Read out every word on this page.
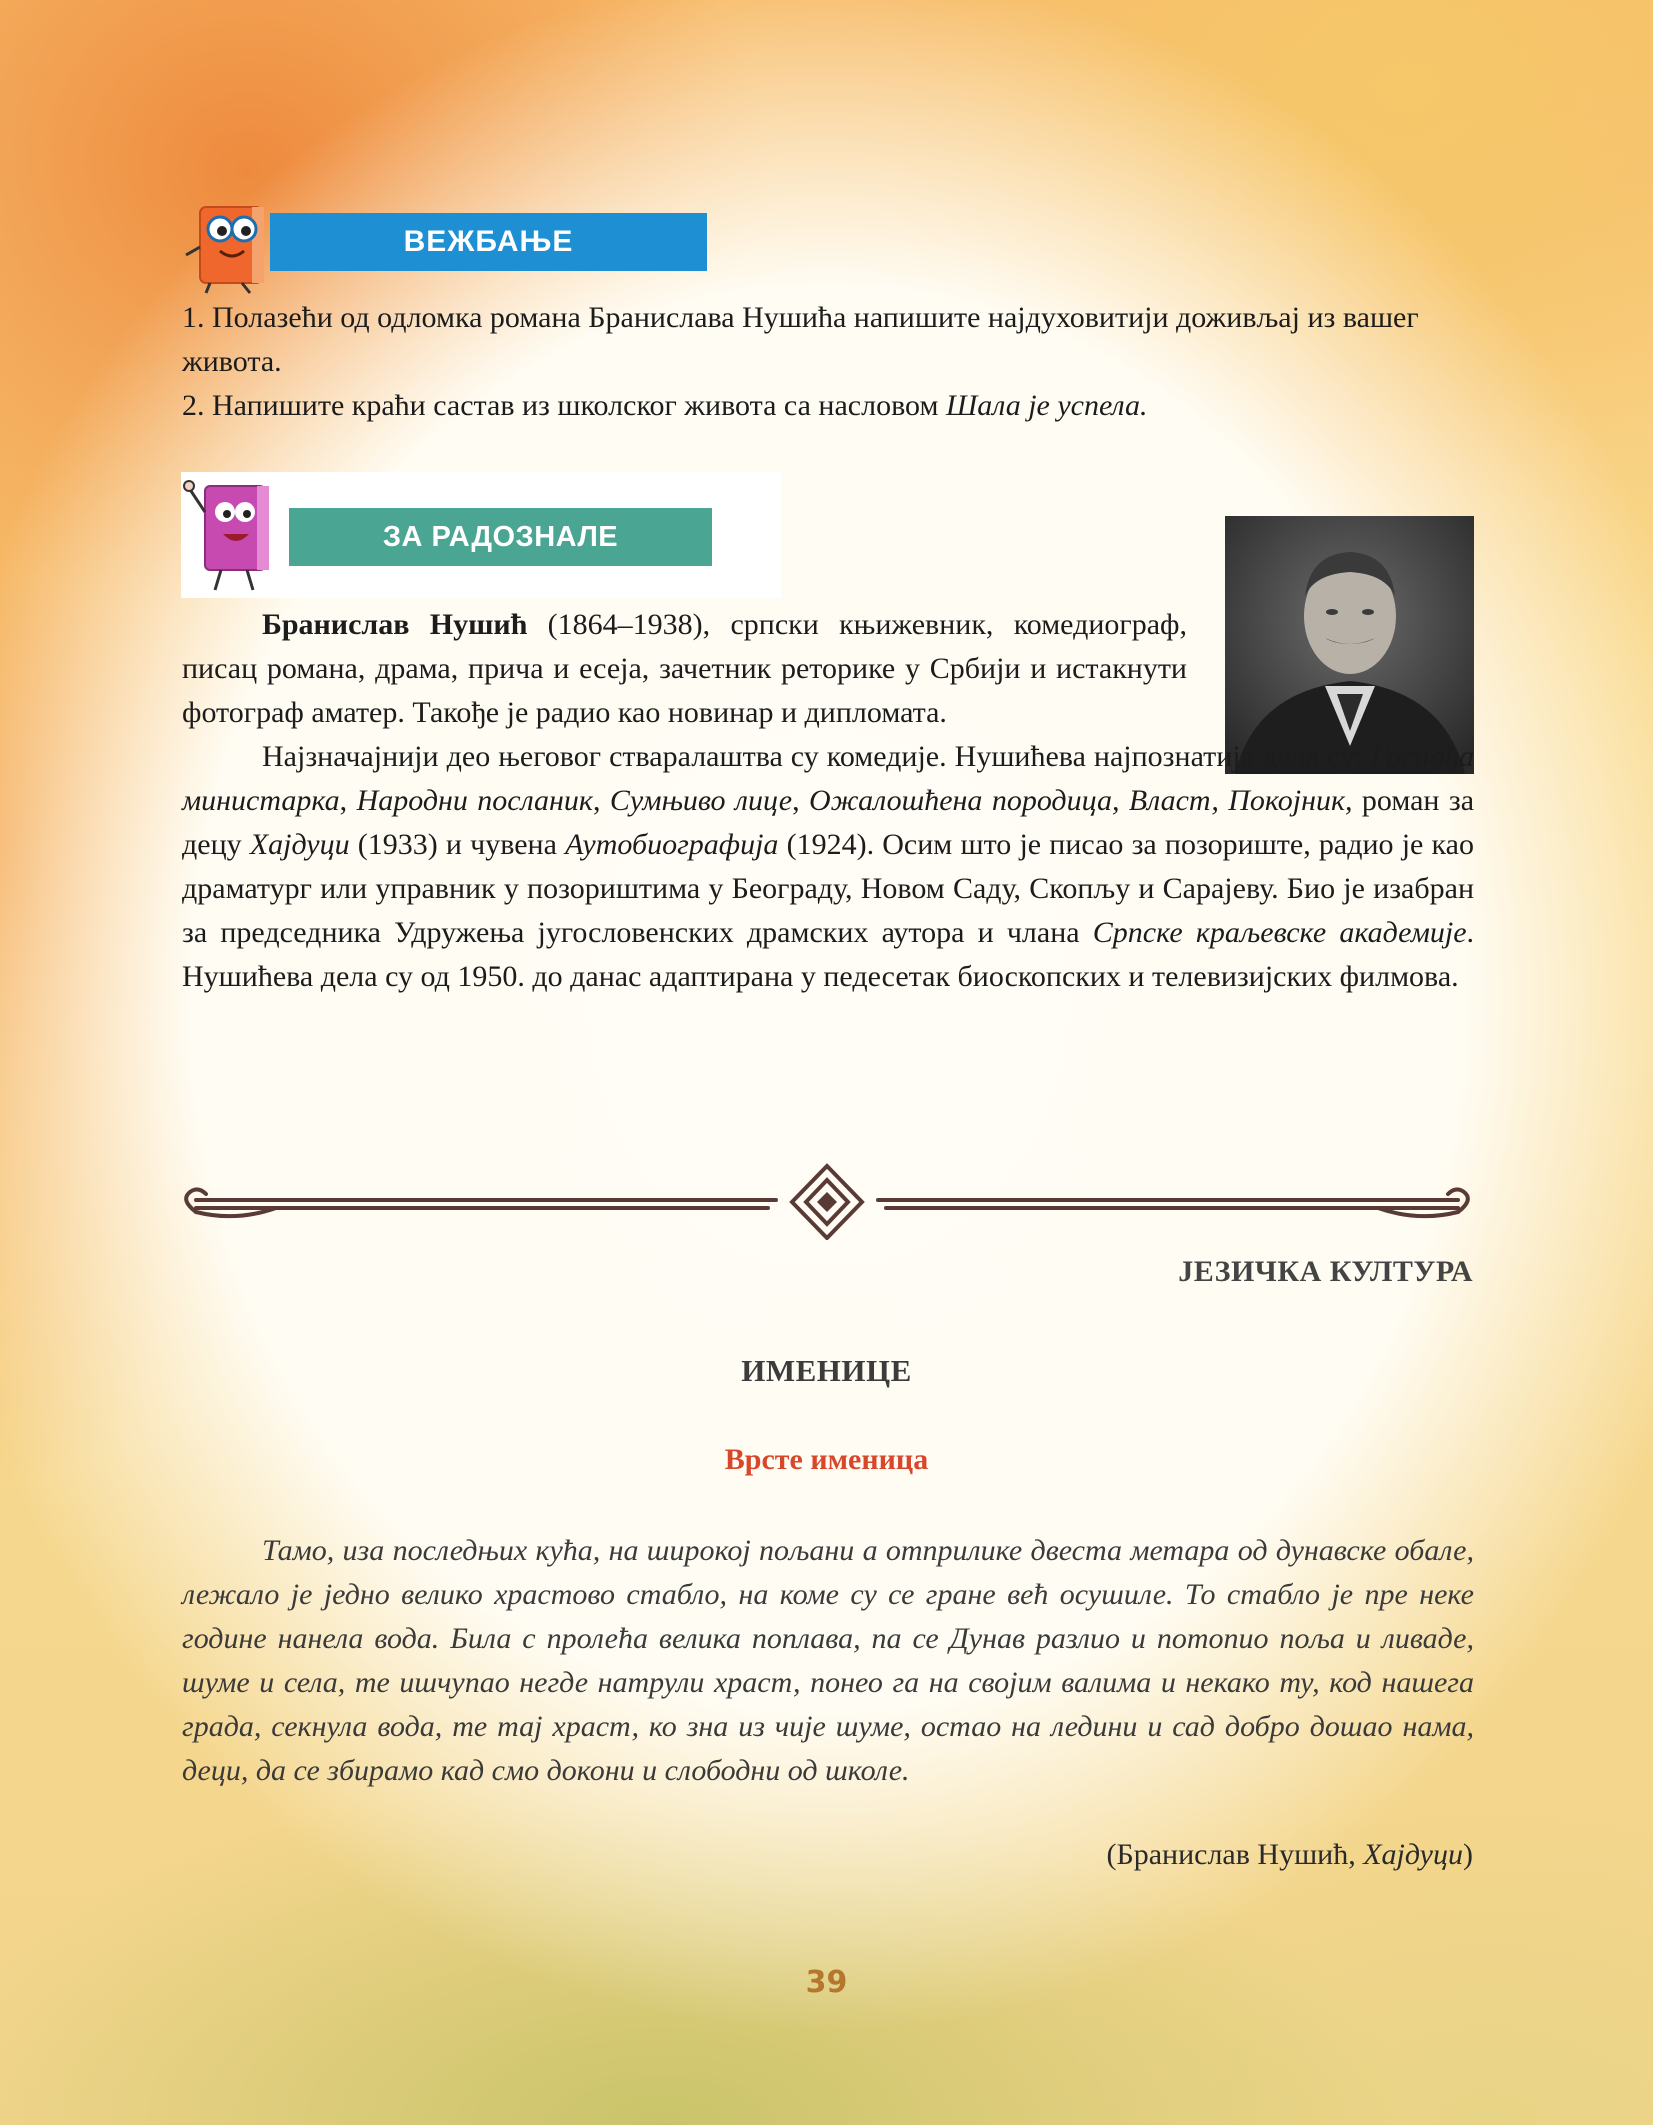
ВЕЖБАЊЕ

1. Полазећи од одломка романа Бранислава Нушића напишите најдуховитији доживљај из вашег живота.

2. Напишите краћи састав из школског живота са насловом Шала је успела.

ЗА РАДОЗНАЛЕ

Бранислав Нушић (1864–1938), српски књижевник, комедиограф, писац романа, драма, прича и есеја, зачетник реторике у Србији и истакнути фотограф аматер. Такође је радио као новинар и дипломата.

Најзначајнији део његовог стваралаштва су комедије. Нушићева најпознатија дела су: Госпођа министарка, Народни посланик, Сумњиво лице, Ожалошћена породица, Власт, Покојник, роман за децу Хајдуци (1933) и чувена Аутобиографија (1924). Осим што је писао за позориште, радио је као драматург или управник у позориштима у Београду, Новом Саду, Скопљу и Сарајеву. Био је изабран за председника Удружења југословенских драмских аутора и члана Српске краљевске академије. Нушићева дела су од 1950. до данас адаптирана у педесетак биоскопских и телевизијских филмова.

ЈЕЗИЧКА КУЛТУРА
ИМЕНИЦЕ
Врсте именица

Тамо, иза последњих кућа, на широкој пољани а отприлике двеста метара од дунавске обале, лежало је једно велико храстово стабло, на коме су се гране већ осушиле. То стабло је пре неке године нанела вода. Била с пролећа велика поплава, па се Дунав разлио и потопио поља и ливаде, шуме и села, те ишчупао негде натрули храст, понео га на својим валима и некако ту, код нашега града, секнула вода, те тај храст, ко зна из чије шуме, остао на ледини и сад добро дошао нама, деци, да се збирамо кад смо докони и слободни од школе.

(Бранислав Нушић, Хајдуци)
39
